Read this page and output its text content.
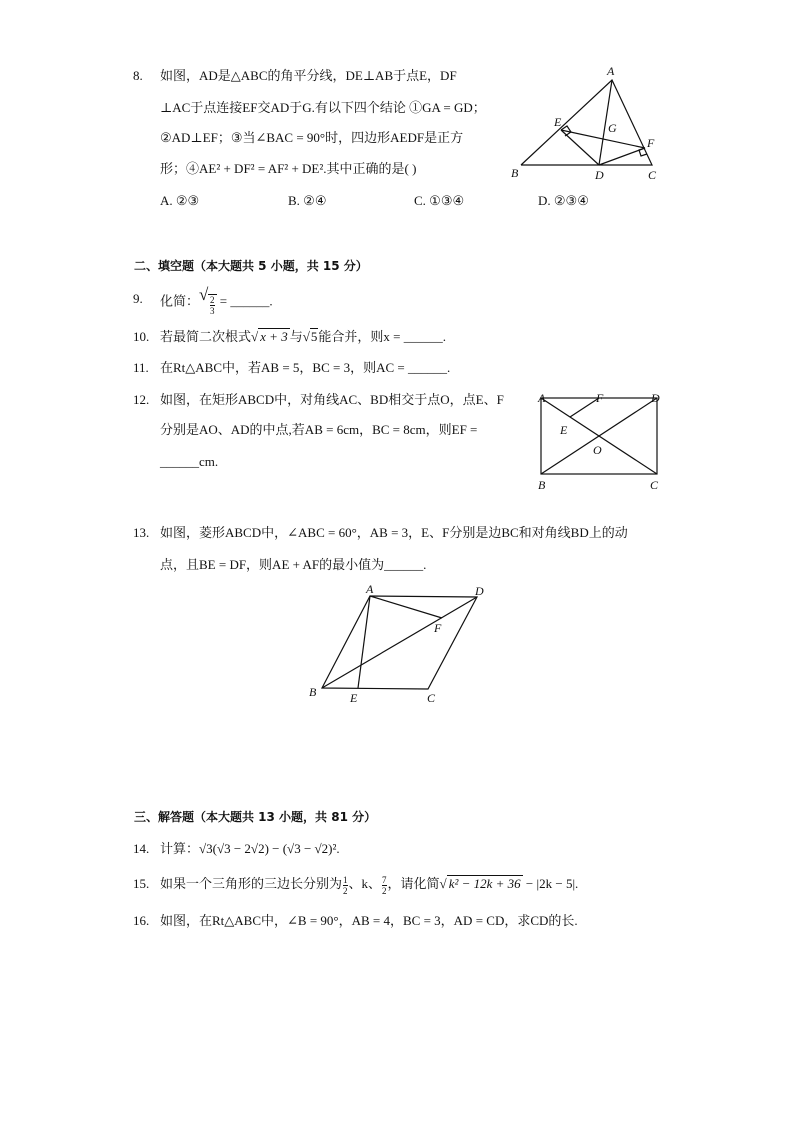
8. 如图，AD是△ABC的角平分线，DE⊥AB于点E，DF
⊥AC于点连接EF交AD于G.有以下四个结论 ①GA = GD；
②AD⊥EF；③当∠BAC = 90°时，四边形AEDF是正方
形；④AE² + DF² = AF² + DE².其中正确的是( )
A. ②③	B. ②④	C. ①③④	D. ②③④
A
B	C
D
E
F
G
二、填空题（本大题共 5 小题，共 15 分）
9. 化简： √ $\frac{2}{3}$ = ______.
10. 若最简二次根式√ x + 3 与√5能合并，则x = ______.
11. 在Rt△ABC中，若AB = 5，BC = 3，则AC = ______.
12. 如图，在矩形ABCD中，对角线AC、BD相交于点O，点E、F
分别是AO、AD的中点,若AB = 6cm，BC = 8cm，则EF =
______cm.
A	F	D
E
O
B	C
13. 如图，菱形ABCD中，∠ABC = 60°，AB = 3，E、F分别是边BC和对角线BD上的动
点，且BE = DF，则AE + AF的最小值为______.
A	D
F
B	E	C
三、解答题（本大题共 13 小题，共 81 分）
14. 计算：√3(√3 − 2√2) − (√3 − √2)².
15. 如果一个三角形的三边长分别为 $\frac{1}{2}$ 、k、 $\frac{7}{2}$ ，请化简√ k² − 12k + 36 − |2k − 5|.
16. 如图，在Rt△ABC中，∠B = 90°，AB = 4，BC = 3，AD = CD，求CD的长.
